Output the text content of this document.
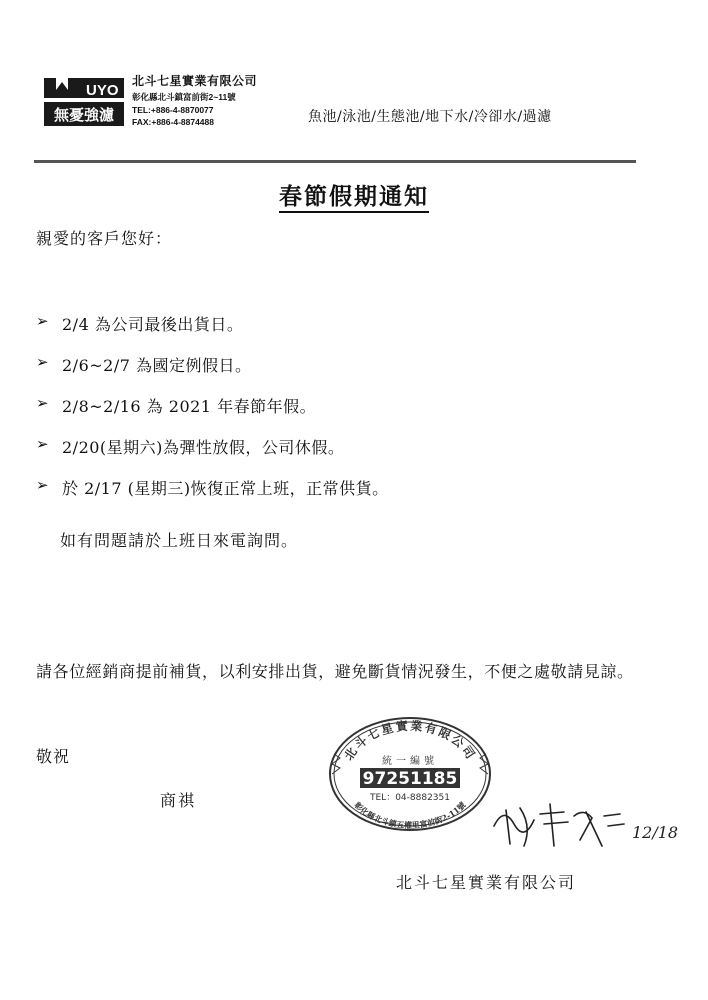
UYO
無憂強濾
北斗七星實業有限公司
彰化縣北斗鎮富前街2~11號
TEL:+886-4-8870077
FAX:+886-4-8874488	魚池/泳池/生態池/地下水/冷卻水/過濾
春節假期通知
親愛的客戶您好：
➢ 2/4 為公司最後出貨日。
➢ 2/6~2/7 為國定例假日。
➢ 2/8~2/16 為 2021 年春節年假。
➢ 2/20(星期六)為彈性放假，公司休假。
➢ 於 2/17 (星期三)恢復正常上班，正常供貨。
如有問題請於上班日來電詢問。
請各位經銷商提前補貨，以利安排出貨，避免斷貨情況發生，不便之處敬請見諒。
敬祝
商祺
北斗七星實業有限公司
統一編號
97251185
TEL：04-8882351
彰化縣北斗鎮五權里富前街2-11號
12/18
北斗七星實業有限公司
